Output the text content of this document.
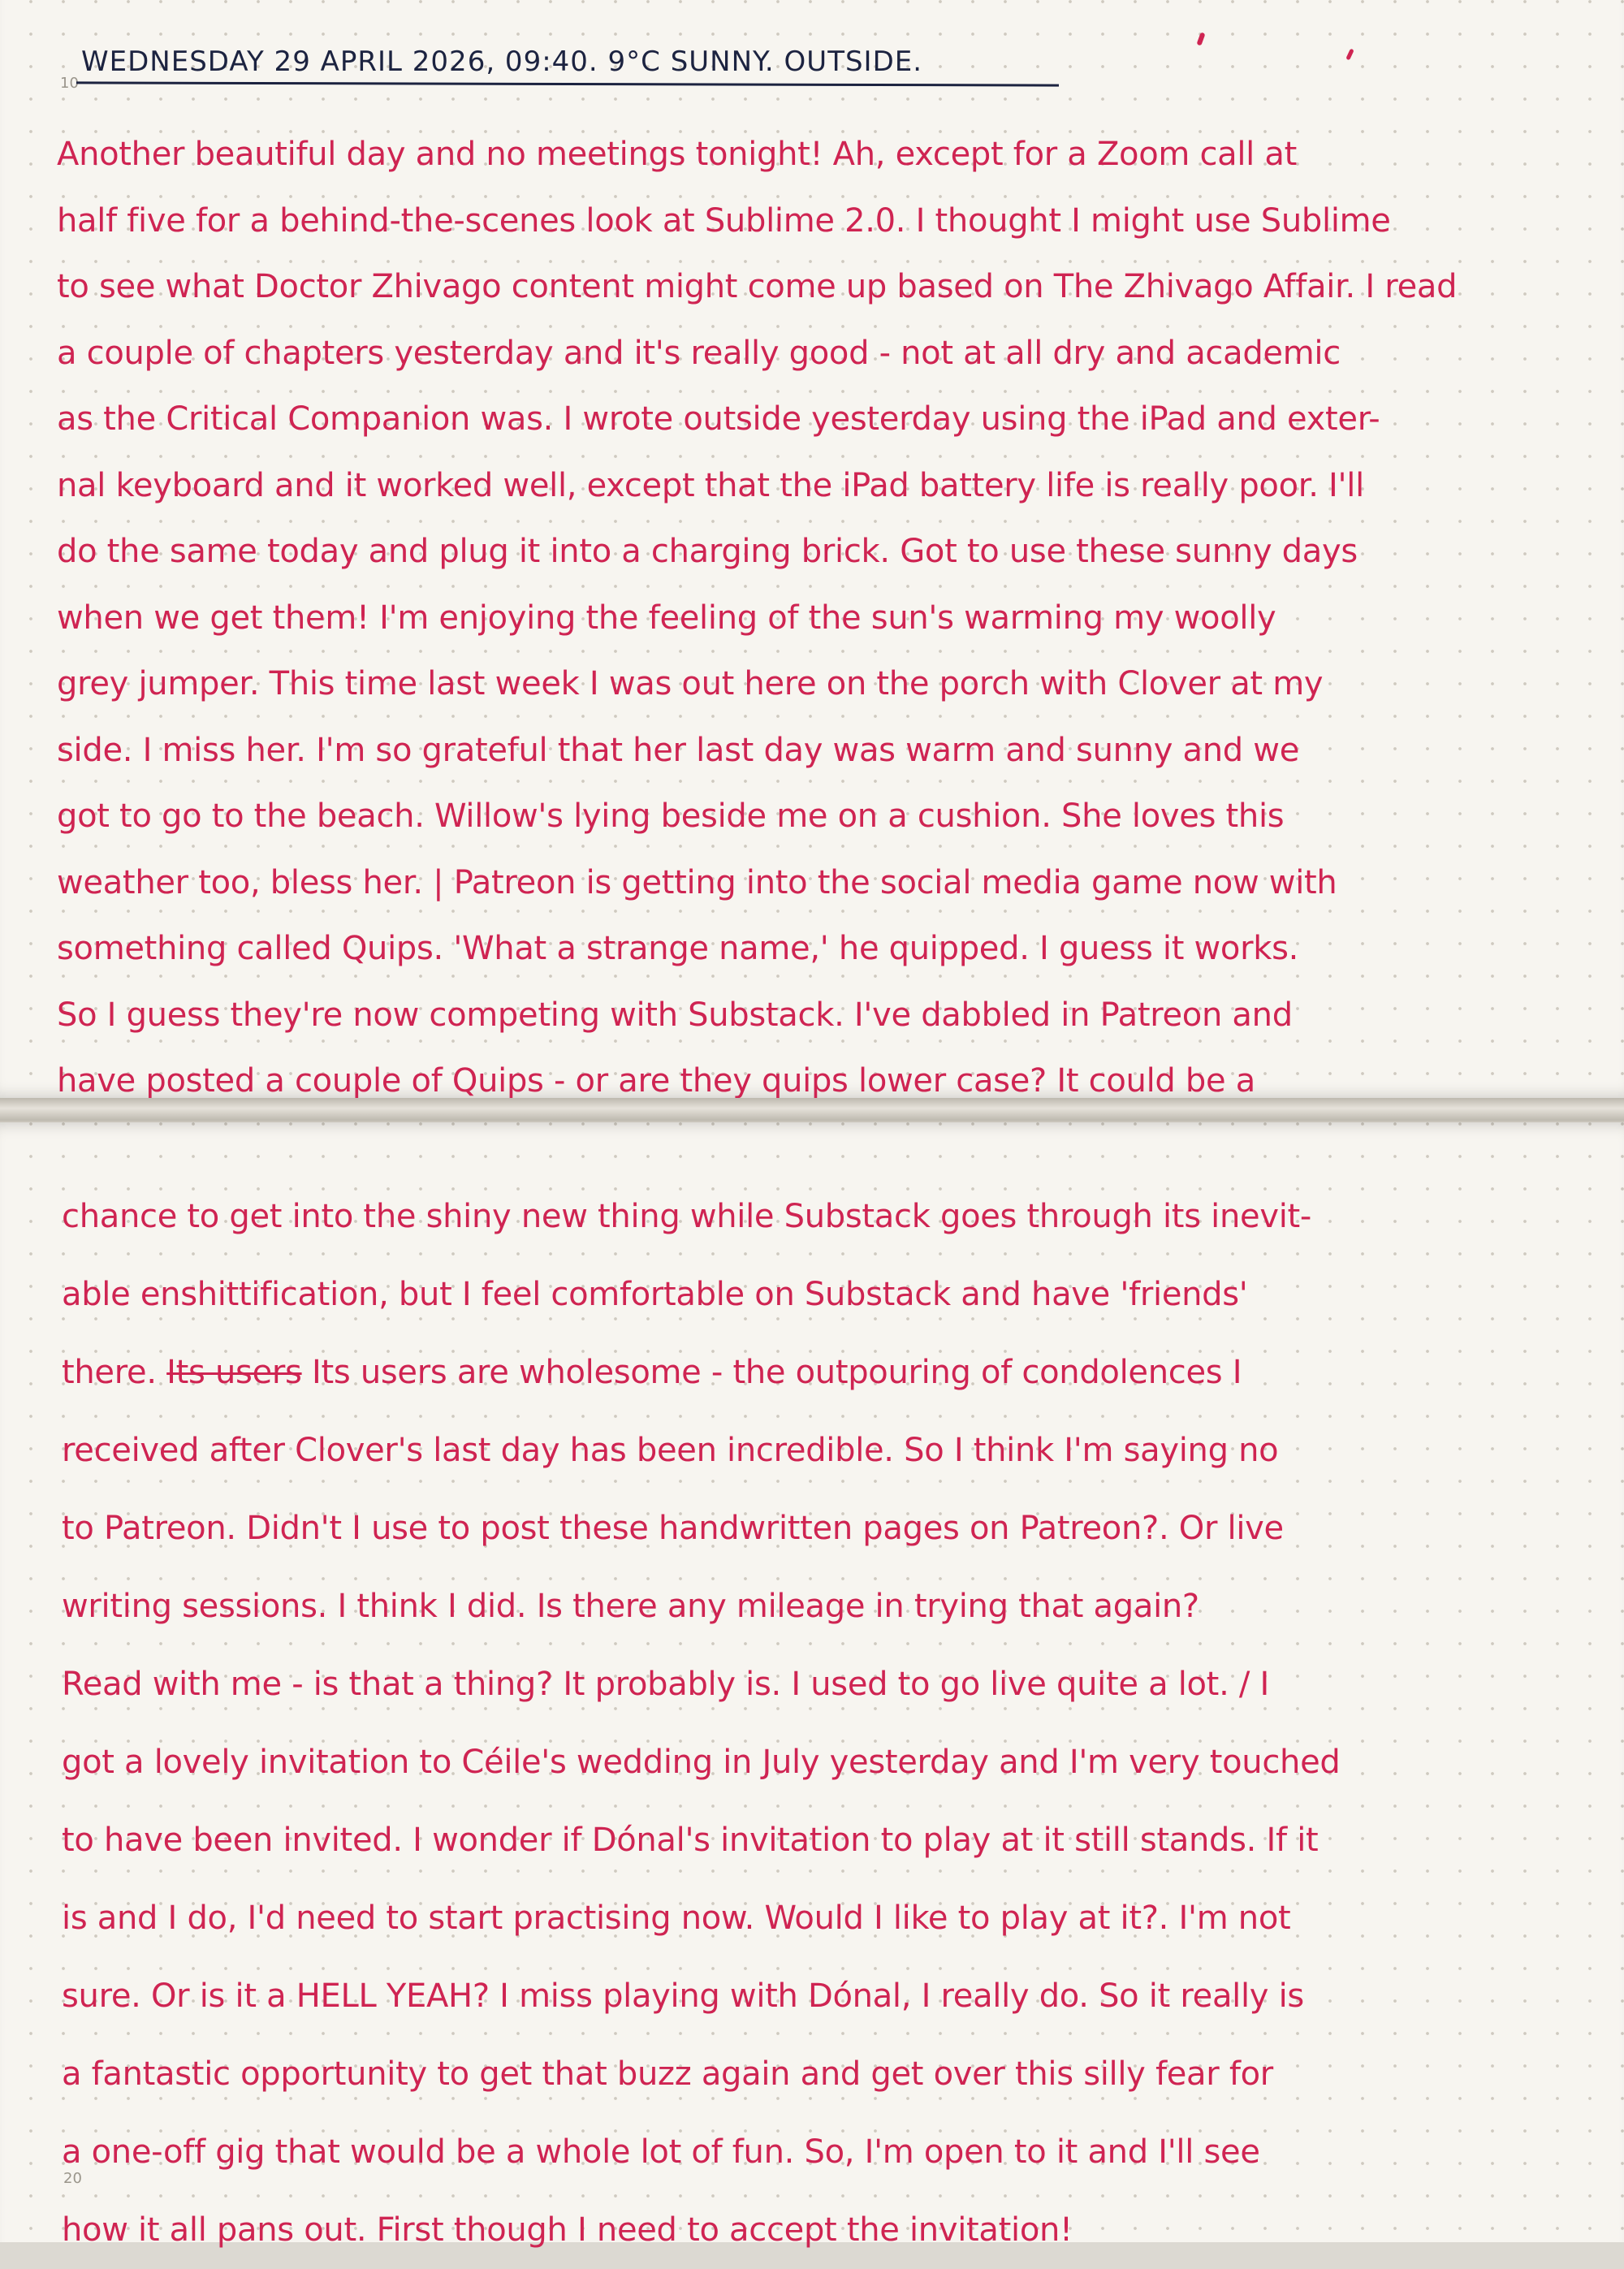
10
WEDNESDAY 29 APRIL 2026, 09:40. 9°C SUNNY. OUTSIDE.
Another beautiful day and no meetings tonight! Ah, except for a Zoom call at
half five for a behind-the-scenes look at Sublime 2.0. I thought I might use Sublime
to see what Doctor Zhivago content might come up based on The Zhivago Affair. I read
a couple of chapters yesterday and it's really good - not at all dry and academic
as the Critical Companion was. I wrote outside yesterday using the iPad and exter-
nal keyboard and it worked well, except that the iPad battery life is really poor. I'll
do the same today and plug it into a charging brick. Got to use these sunny days
when we get them! I'm enjoying the feeling of the sun's warming my woolly
grey jumper. This time last week I was out here on the porch with Clover at my
side. I miss her. I'm so grateful that her last day was warm and sunny and we
got to go to the beach. Willow's lying beside me on a cushion. She loves this
weather too, bless her. | Patreon is getting into the social media game now with
something called Quips. 'What a strange name,' he quipped. I guess it works.
So I guess they're now competing with Substack. I've dabbled in Patreon and
have posted a couple of Quips - or are they quips lower case? It could be a
20
chance to get into the shiny new thing while Substack goes through its inevit-
able enshittification, but I feel comfortable on Substack and have 'friends'
there. Its users Its users are wholesome - the outpouring of condolences I
received after Clover's last day has been incredible. So I think I'm saying no
to Patreon. Didn't I use to post these handwritten pages on Patreon?. Or live
writing sessions. I think I did. Is there any mileage in trying that again?
Read with me - is that a thing? It probably is. I used to go live quite a lot. / I
got a lovely invitation to Céile's wedding in July yesterday and I'm very touched
to have been invited. I wonder if Dónal's invitation to play at it still stands. If it
is and I do, I'd need to start practising now. Would I like to play at it?. I'm not
sure. Or is it a HELL YEAH? I miss playing with Dónal, I really do. So it really is
a fantastic opportunity to get that buzz again and get over this silly fear for
a one-off gig that would be a whole lot of fun. So, I'm open to it and I'll see
how it all pans out. First though I need to accept the invitation!
